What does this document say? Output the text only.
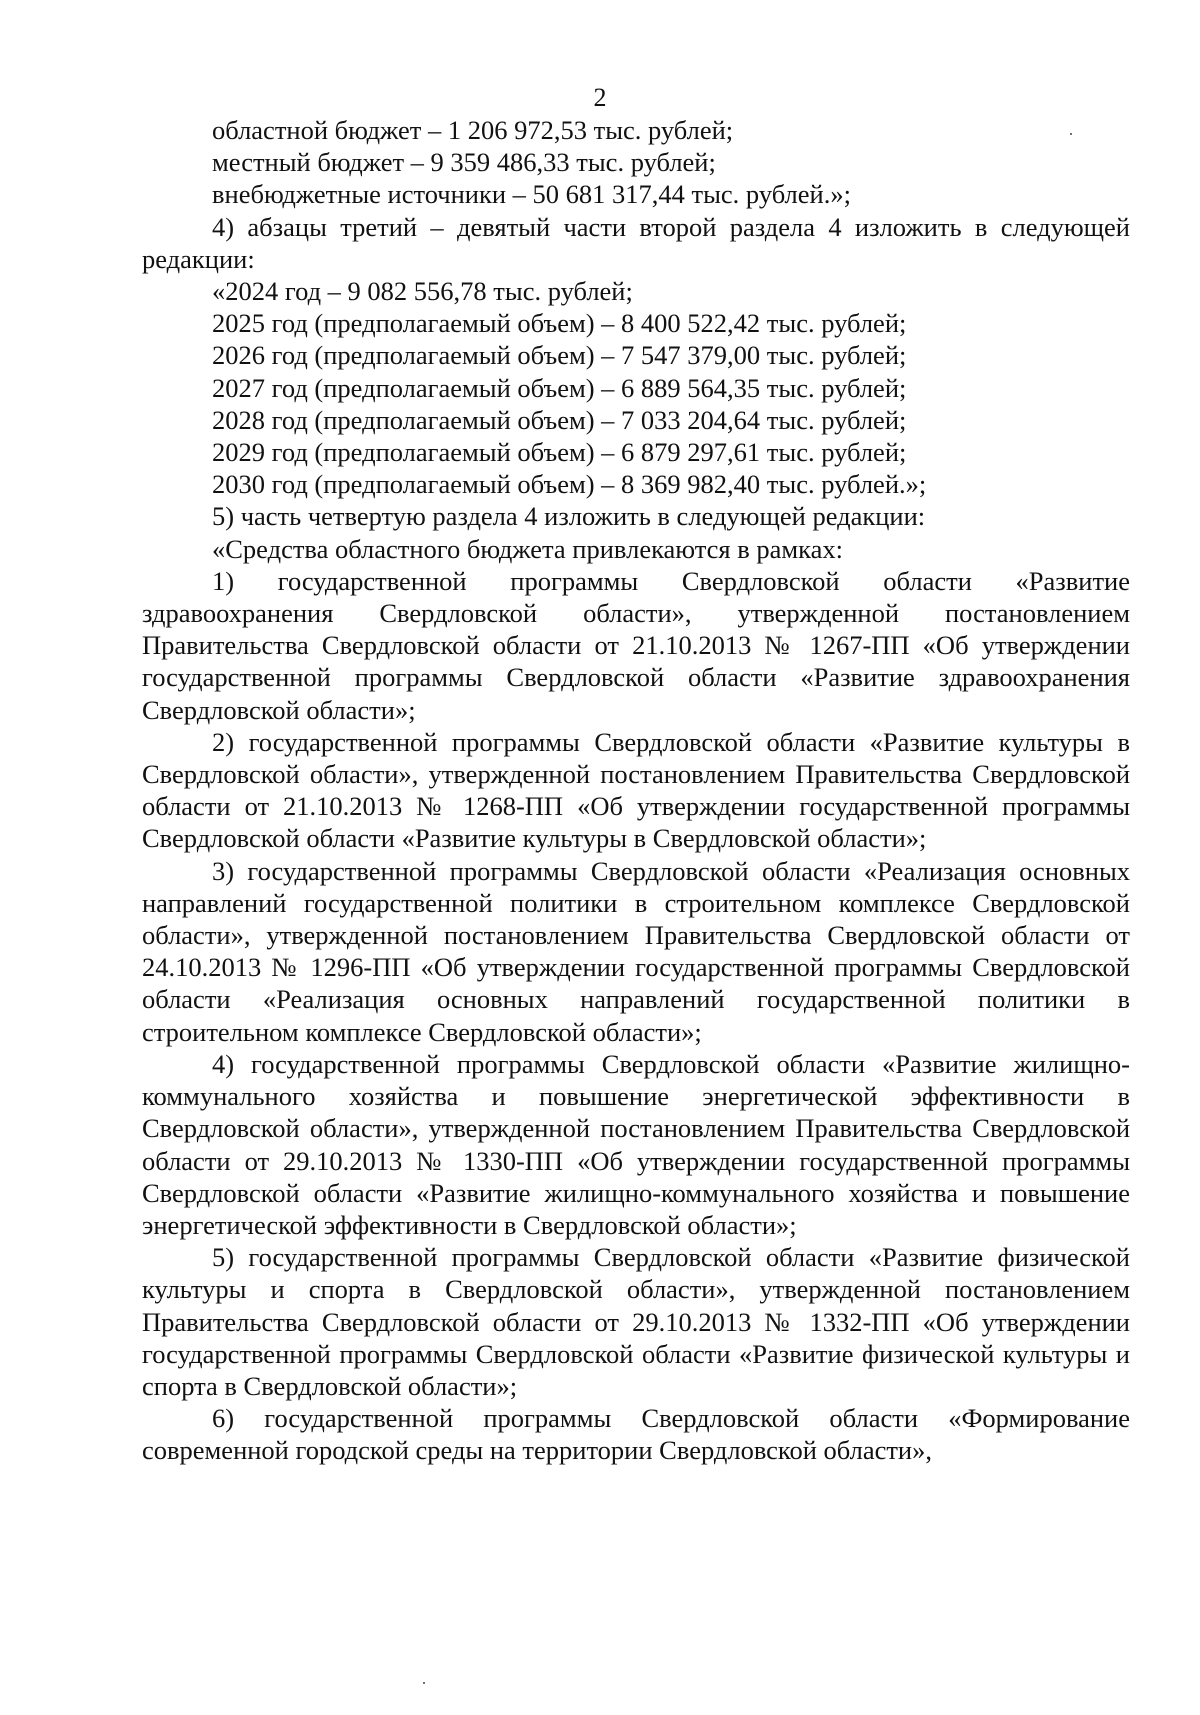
2

областной бюджет – 1 206 972,53 тыс. рублей;

местный бюджет – 9 359 486,33 тыс. рублей;

внебюджетные источники – 50 681 317,44 тыс. рублей.»;

4) абзацы третий – девятый части второй раздела 4 изложить в следующей редакции:

«2024 год – 9 082 556,78 тыс. рублей;

2025 год (предполагаемый объем) – 8 400 522,42 тыс. рублей;

2026 год (предполагаемый объем) – 7 547 379,00 тыс. рублей;

2027 год (предполагаемый объем) – 6 889 564,35 тыс. рублей;

2028 год (предполагаемый объем) – 7 033 204,64 тыс. рублей;

2029 год (предполагаемый объем) – 6 879 297,61 тыс. рублей;

2030 год (предполагаемый объем) – 8 369 982,40 тыс. рублей.»;

5) часть четвертую раздела 4 изложить в следующей редакции:

«Средства областного бюджета привлекаются в рамках:

1) государственной программы Свердловской области «Развитие здравоохранения Свердловской области», утвержденной постановлением Правительства Свердловской области от 21.10.2013 № 1267-ПП «Об утверждении государственной программы Свердловской области «Развитие здравоохранения Свердловской области»;

2) государственной программы Свердловской области «Развитие культуры в Свердловской области», утвержденной постановлением Правительства Свердловской области от 21.10.2013 № 1268-ПП «Об утверждении государственной программы Свердловской области «Развитие культуры в Свердловской области»;

3) государственной программы Свердловской области «Реализация основных направлений государственной политики в строительном комплексе Свердловской области», утвержденной постановлением Правительства Свердловской области от 24.10.2013 № 1296-ПП «Об утверждении государственной программы Свердловской области «Реализация основных направлений государственной политики в строительном комплексе Свердловской области»;

4) государственной программы Свердловской области «Развитие жилищно-коммунального хозяйства и повышение энергетической эффективности в Свердловской области», утвержденной постановлением Правительства Свердловской области от 29.10.2013 № 1330-ПП «Об утверждении государственной программы Свердловской области «Развитие жилищно-коммунального хозяйства и повышение энергетической эффективности в Свердловской области»;

5) государственной программы Свердловской области «Развитие физической культуры и спорта в Свердловской области», утвержденной постановлением Правительства Свердловской области от 29.10.2013 № 1332-ПП «Об утверждении государственной программы Свердловской области «Развитие физической культуры и спорта в Свердловской области»;

6) государственной программы Свердловской области «Формирование современной городской среды на территории Свердловской области»,
